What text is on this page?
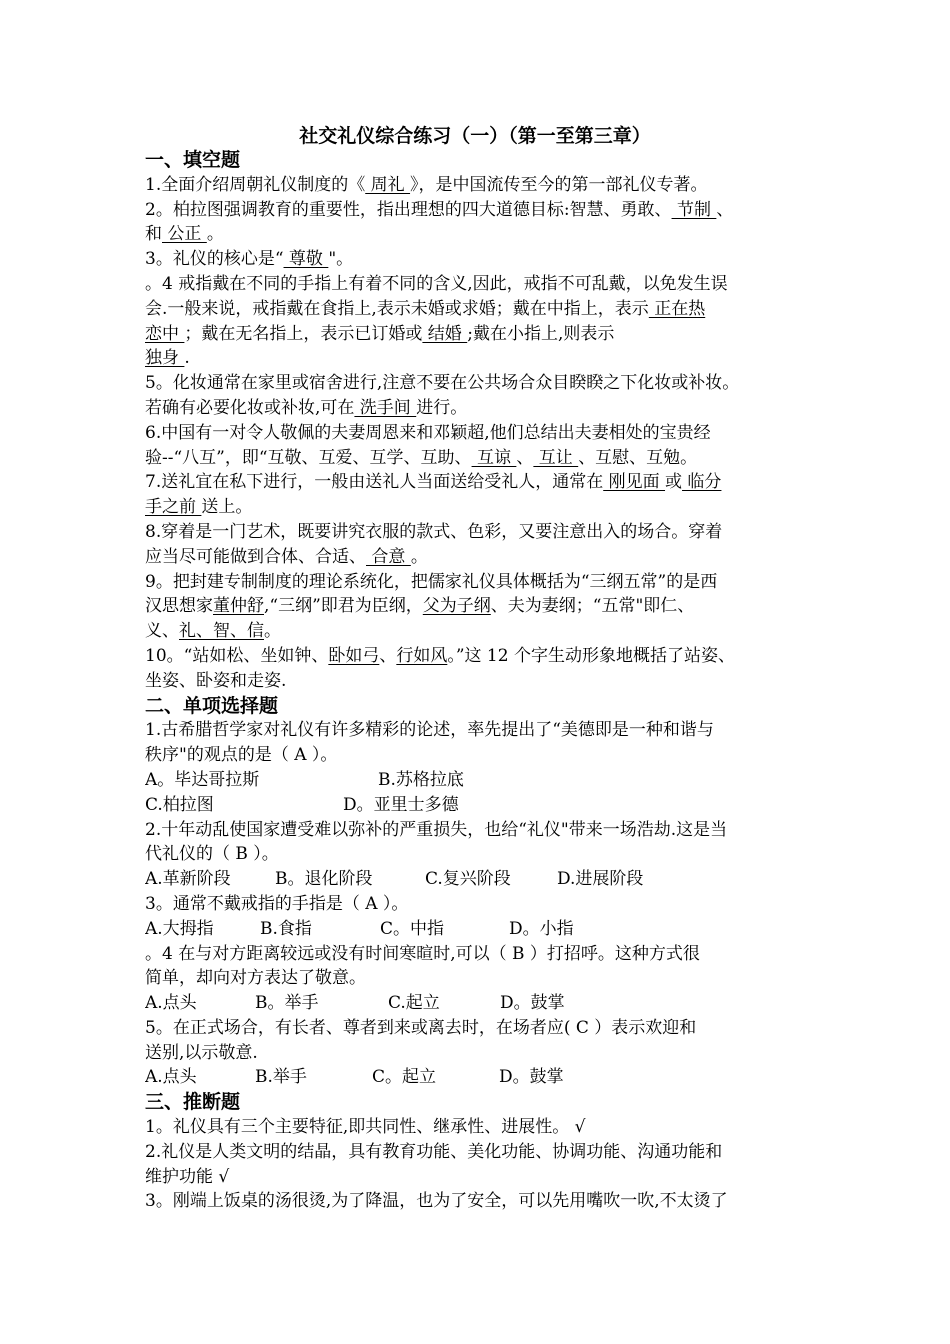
社交礼仪综合练习（一）（第一至第三章）
一、填空题
1.全面介绍周朝礼仪制度的《 周礼 》，是中国流传至今的第一部礼仪专著。
2。柏拉图强调教育的重要性，指出理想的四大道德目标:智慧、勇敢、 节制 、
和 公正 。
3。礼仪的核心是“ 尊敬 "。
。4 戒指戴在不同的手指上有着不同的含义,因此，戒指不可乱戴，以免发生误
会.一般来说，戒指戴在食指上,表示未婚或求婚；戴在中指上，表示 正在热
恋中 ；戴在无名指上，表示已订婚或 结婚 ;戴在小指上,则表示
独身 .
5。化妆通常在家里或宿舍进行,注意不要在公共场合众目睽睽之下化妆或补妆。
若确有必要化妆或补妆,可在 洗手间 进行。
6.中国有一对令人敬佩的夫妻周恩来和邓颖超,他们总结出夫妻相处的宝贵经
验--“八互”，即“互敬、互爱、互学、互助、 互谅 、 互让 、互慰、互勉。
7.送礼宜在私下进行，一般由送礼人当面送给受礼人，通常在 刚见面 或 临分
手之前 送上。
8.穿着是一门艺术，既要讲究衣服的款式、色彩，又要注意出入的场合。穿着
应当尽可能做到合体、合适、 合意 。
9。把封建专制制度的理论系统化，把儒家礼仪具体概括为“三纲五常”的是西
汉思想家董仲舒,“三纲”即君为臣纲，父为子纲、夫为妻纲；“五常"即仁、
义、礼、智、信。
10。“站如松、坐如钟、卧如弓、行如风。”这 12 个字生动形象地概括了站姿、
坐姿、卧姿和走姿.
二、单项选择题
1.古希腊哲学家对礼仪有许多精彩的论述，率先提出了“美德即是一种和谐与
秩序"的观点的是（ A ）。
A。毕达哥拉斯	B.苏格拉底
C.柏拉图	D。亚里士多德
2.十年动乱使国家遭受难以弥补的严重损失，也给“礼仪"带来一场浩劫.这是当
代礼仪的（ B ）。
A.革新阶段	B。退化阶段	C.复兴阶段	D.进展阶段
3。通常不戴戒指的手指是（ A ）。
A.大拇指	B.食指	C。中指	D。小指
。4 在与对方距离较远或没有时间寒暄时,可以（ B ）打招呼。这种方式很
简单，却向对方表达了敬意。
A.点头	B。举手	C.起立	D。鼓掌
5。在正式场合，有长者、尊者到来或离去时，在场者应( C ）表示欢迎和
送别,以示敬意.
A.点头	B.举手	C。起立	D。鼓掌
三、推断题
1。礼仪具有三个主要特征,即共同性、继承性、进展性。 √
2.礼仪是人类文明的结晶，具有教育功能、美化功能、协调功能、沟通功能和
维护功能 √
3。刚端上饭桌的汤很烫,为了降温，也为了安全，可以先用嘴吹一吹,不太烫了
